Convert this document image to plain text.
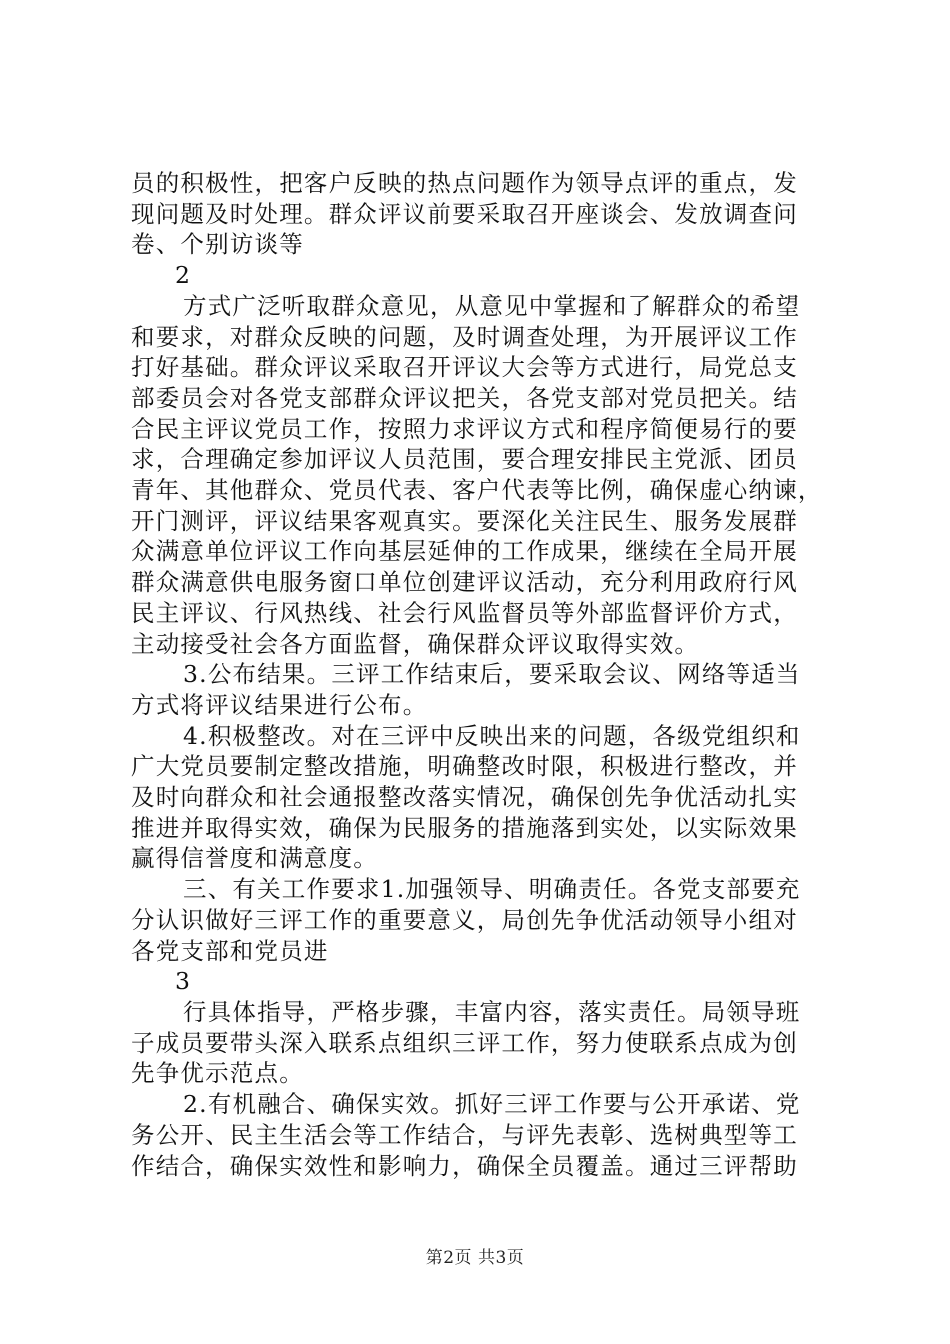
员的积极性，把客户反映的热点问题作为领导点评的重点，发

现问题及时处理。群众评议前要采取召开座谈会、发放调查问

卷、个别访谈等

2

方式广泛听取群众意见，从意见中掌握和了解群众的希望

和要求，对群众反映的问题，及时调查处理，为开展评议工作

打好基础。群众评议采取召开评议大会等方式进行，局党总支

部委员会对各党支部群众评议把关，各党支部对党员把关。结

合民主评议党员工作，按照力求评议方式和程序简便易行的要

求，合理确定参加评议人员范围，要合理安排民主党派、团员

青年、其他群众、党员代表、客户代表等比例，确保虚心纳谏，

开门测评，评议结果客观真实。要深化关注民生、服务发展群

众满意单位评议工作向基层延伸的工作成果，继续在全局开展

群众满意供电服务窗口单位创建评议活动，充分利用政府行风

民主评议、行风热线、社会行风监督员等外部监督评价方式，

主动接受社会各方面监督，确保群众评议取得实效。

3.公布结果。三评工作结束后，要采取会议、网络等适当

方式将评议结果进行公布。

4.积极整改。对在三评中反映出来的问题，各级党组织和

广大党员要制定整改措施，明确整改时限，积极进行整改，并

及时向群众和社会通报整改落实情况，确保创先争优活动扎实

推进并取得实效，确保为民服务的措施落到实处，以实际效果

赢得信誉度和满意度。

三、有关工作要求1.加强领导、明确责任。各党支部要充

分认识做好三评工作的重要意义，局创先争优活动领导小组对

各党支部和党员进

3

行具体指导，严格步骤，丰富内容，落实责任。局领导班

子成员要带头深入联系点组织三评工作，努力使联系点成为创

先争优示范点。

2.有机融合、确保实效。抓好三评工作要与公开承诺、党

务公开、民主生活会等工作结合，与评先表彰、选树典型等工

作结合，确保实效性和影响力，确保全员覆盖。通过三评帮助

第2页 共3页
